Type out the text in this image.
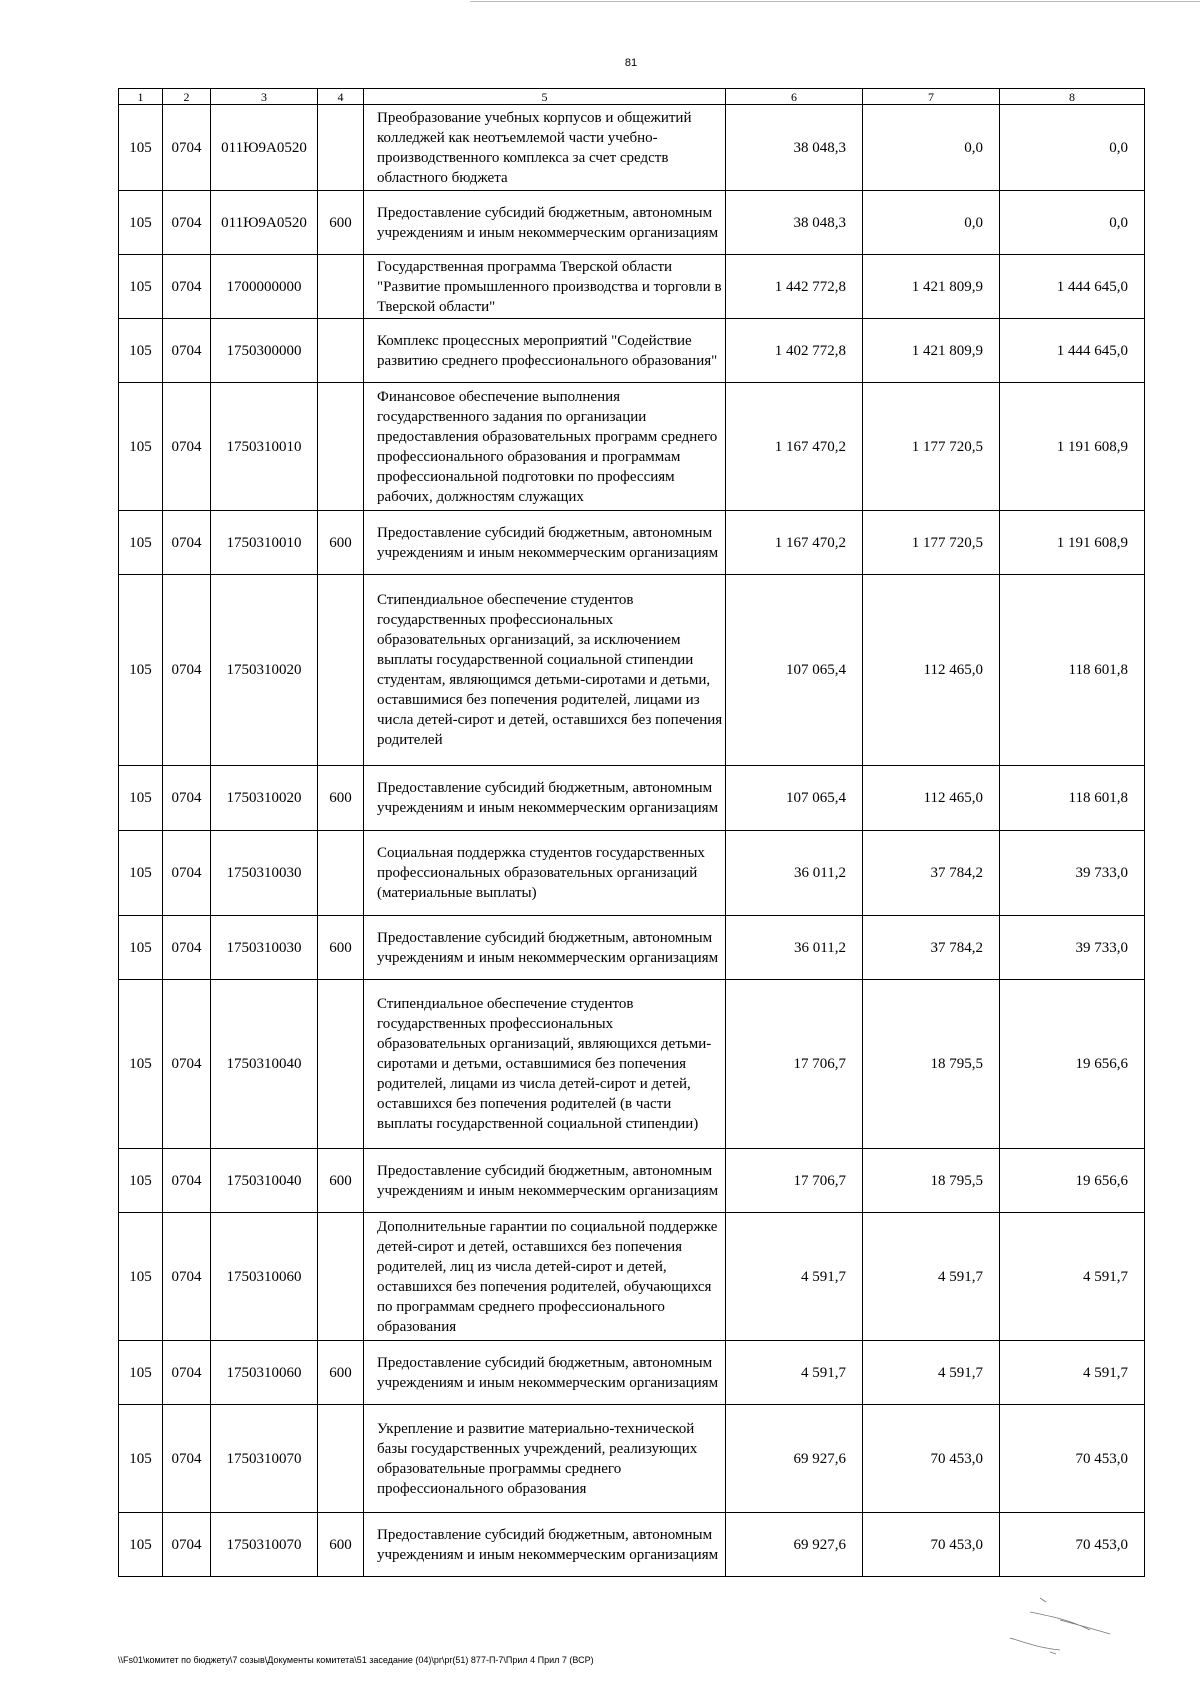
81
1	2	3	4	5	6	7	8
105	0704	011Ю9А0520		Преобразование учебных корпусов и общежитий колледжей как неотъемлемой части учебно-производственного комплекса за счет средств областного бюджета	38 048,3	0,0	0,0
105	0704	011Ю9А0520	600	Предоставление субсидий бюджетным, автономным учреждениям и иным некоммерческим организациям	38 048,3	0,0	0,0
105	0704	1700000000		Государственная программа Тверской области "Развитие промышленного производства и торговли в Тверской области"	1 442 772,8	1 421 809,9	1 444 645,0
105	0704	1750300000		Комплекс процессных мероприятий "Содействие развитию среднего профессионального образования"	1 402 772,8	1 421 809,9	1 444 645,0
105	0704	1750310010		Финансовое обеспечение выполнения государственного задания по организации предоставления образовательных программ среднего профессионального образования и программам профессиональной подготовки по профессиям рабочих, должностям служащих	1 167 470,2	1 177 720,5	1 191 608,9
105	0704	1750310010	600	Предоставление субсидий бюджетным, автономным учреждениям и иным некоммерческим организациям	1 167 470,2	1 177 720,5	1 191 608,9
105	0704	1750310020		Стипендиальное обеспечение студентов государственных профессиональных образовательных организаций, за исключением выплаты государственной социальной стипендии студентам, являющимся детьми-сиротами и детьми, оставшимися без попечения родителей, лицами из числа детей-сирот и детей, оставшихся без попечения родителей	107 065,4	112 465,0	118 601,8
105	0704	1750310020	600	Предоставление субсидий бюджетным, автономным учреждениям и иным некоммерческим организациям	107 065,4	112 465,0	118 601,8
105	0704	1750310030		Социальная поддержка студентов государственных профессиональных образовательных организаций (материальные выплаты)	36 011,2	37 784,2	39 733,0
105	0704	1750310030	600	Предоставление субсидий бюджетным, автономным учреждениям и иным некоммерческим организациям	36 011,2	37 784,2	39 733,0
105	0704	1750310040		Стипендиальное обеспечение студентов государственных профессиональных образовательных организаций, являющихся детьми-сиротами и детьми, оставшимися без попечения родителей, лицами из числа детей-сирот и детей, оставшихся без попечения родителей (в части выплаты государственной социальной стипендии)	17 706,7	18 795,5	19 656,6
105	0704	1750310040	600	Предоставление субсидий бюджетным, автономным учреждениям и иным некоммерческим организациям	17 706,7	18 795,5	19 656,6
105	0704	1750310060		Дополнительные гарантии по социальной поддержке детей-сирот и детей, оставшихся без попечения родителей, лиц из числа детей-сирот и детей, оставшихся без попечения родителей, обучающихся по программам среднего профессионального образования	4 591,7	4 591,7	4 591,7
105	0704	1750310060	600	Предоставление субсидий бюджетным, автономным учреждениям и иным некоммерческим организациям	4 591,7	4 591,7	4 591,7
105	0704	1750310070		Укрепление и развитие материально-технической базы государственных учреждений, реализующих образовательные программы среднего профессионального образования	69 927,6	70 453,0	70 453,0
105	0704	1750310070	600	Предоставление субсидий бюджетным, автономным учреждениям и иным некоммерческим организациям	69 927,6	70 453,0	70 453,0
\\Fs01\комитет по бюджету\7 созыв\Документы комитета\51 заседание (04)\pr\pr(51) 877-П-7\Прил 4 Прил 7 (ВСР)
